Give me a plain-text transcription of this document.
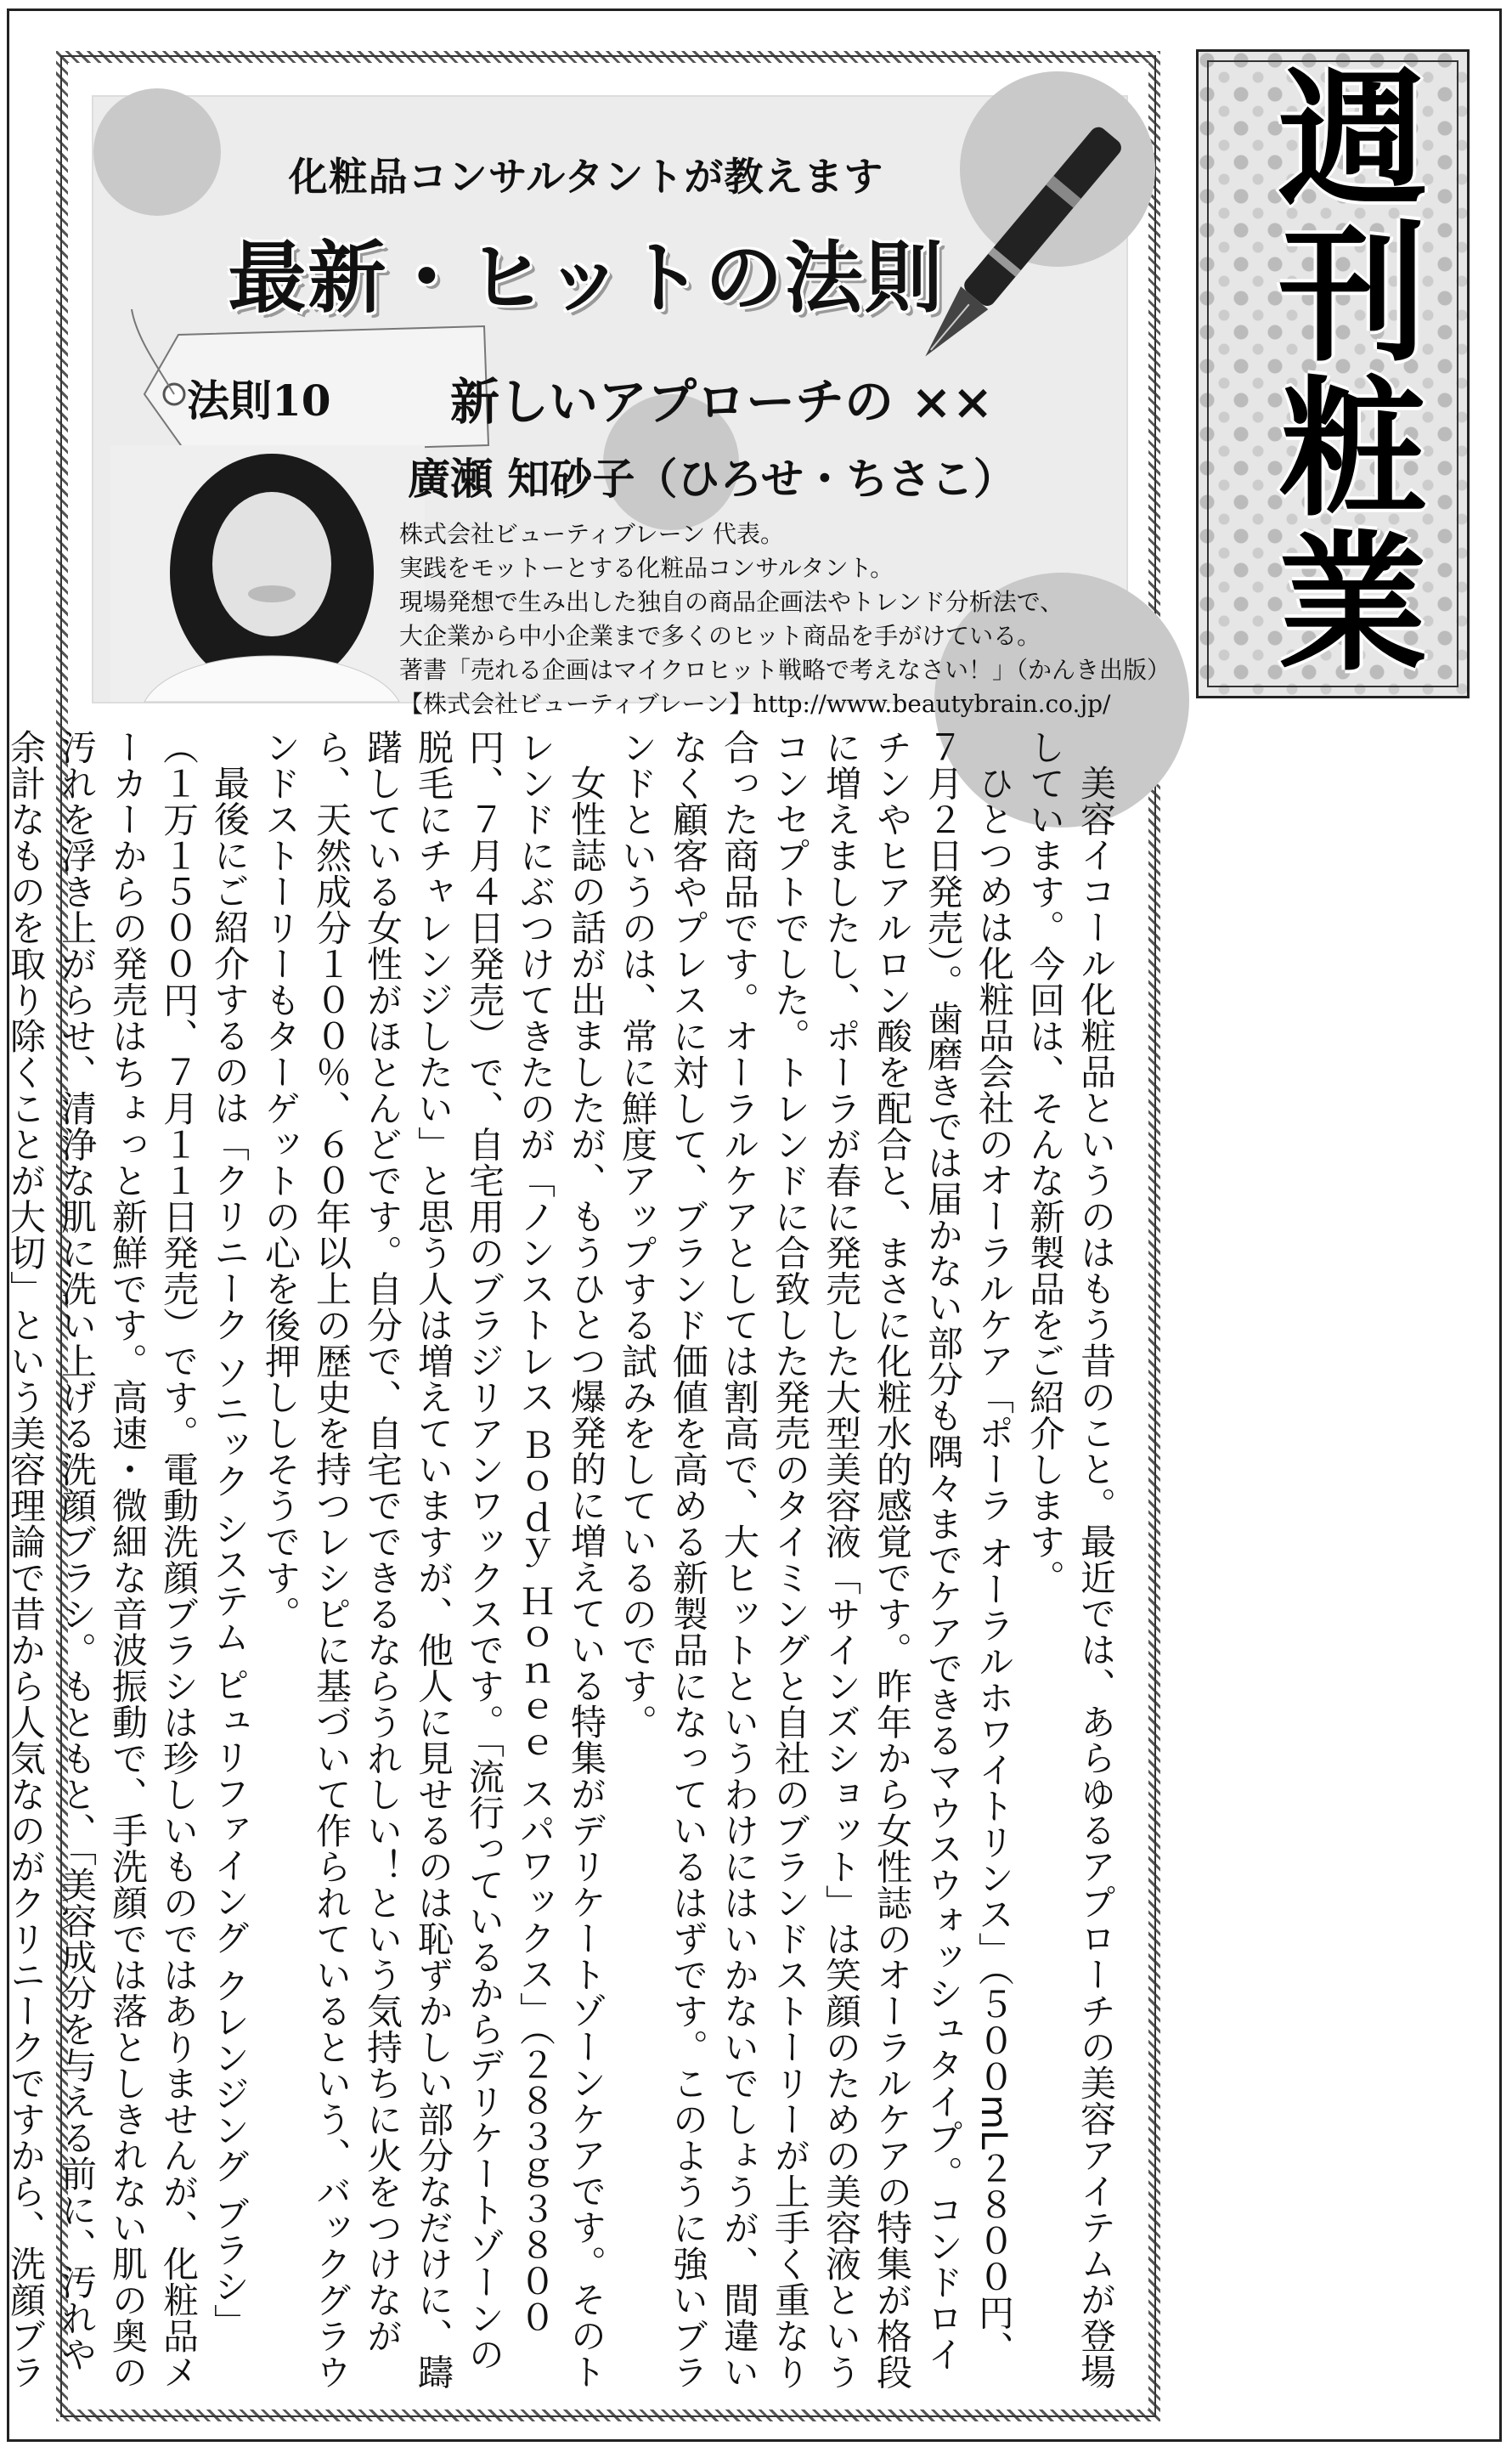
化粧品コンサルタントが教えます
最新・ヒットの法則
法則10 新しいアプローチの ××
廣瀬 知砂子（ひろせ・ちさこ）
株式会社ビューティブレーン 代表。
実践をモットーとする化粧品コンサルタント。
現場発想で生み出した独自の商品企画法やトレンド分析法で、
大企業から中小企業まで多くのヒット商品を手がけている。
著書「売れる企画はマイクロヒット戦略で考えなさい！」（かんき出版）
【株式会社ビューティブレーン】http://www.beautybrain.co.jp/

美容イコール化粧品というのはもう昔のこと。最近では、あらゆるアプローチの美容アイテムが登場しています。今回は、そんな新製品をご紹介します。

ひとつめは化粧品会社のオーラルケア「ポーラ オーラルホワイトリンス」（５００mL２８００円、７月２日発売）。歯磨きでは届かない部分も隅々までケアできるマウスウォッシュタイプ。コンドロイチンやヒアルロン酸を配合と、まさに化粧水的感覚です。昨年から女性誌のオーラルケアの特集が格段に増えましたし、ポーラが春に発売した大型美容液「サインズショット」は笑顔のための美容液というコンセプトでした。トレンドに合致した発売のタイミングと自社のブランドストーリーが上手く重なり合った商品です。オーラルケアとしては割高で、大ヒットというわけにはいかないでしょうが、間違いなく顧客やプレスに対して、ブランド価値を高める新製品になっているはずです。このように強いブランドというのは、常に鮮度アップする試みをしているのです。

女性誌の話が出ましたが、もうひとつ爆発的に増えている特集がデリケートゾーンケアです。そのトレンドにぶつけてきたのが「ノンストレス Ｂｏｄｙ Ｈｏｎｅｅ スパワックス」（２８３ｇ３８００円、７月４日発売）で、自宅用のブラジリアンワックスです。「流行っているからデリケートゾーンの脱毛にチャレンジしたい」と思う人は増えていますが、他人に見せるのは恥ずかしい部分なだけに、躊躇している女性がほとんどです。自分で、自宅でできるならうれしい！という気持ちに火をつけながら、天然成分１００％、６０年以上の歴史を持つレシピに基づいて作られているという、バックグラウンドストーリーもターゲットの心を後押ししそうです。

最後にご紹介するのは「クリニーク ソニック システム ピュリファイング クレンジング ブラシ」（１万１５００円、７月１１日発売）です。電動洗顔ブラシは珍しいものではありませんが、化粧品メーカーからの発売はちょっと新鮮です。高速・微細な音波振動で、手洗顔では落としきれない肌の奥の汚れを浮き上がらせ、清浄な肌に洗い上げる洗顔ブラシ。もともと、「美容成分を与える前に、汚れや余計なものを取り除くことが大切」という美容理論で昔から人気なのがクリニークですから、洗顔ブラ

週刊粧業
